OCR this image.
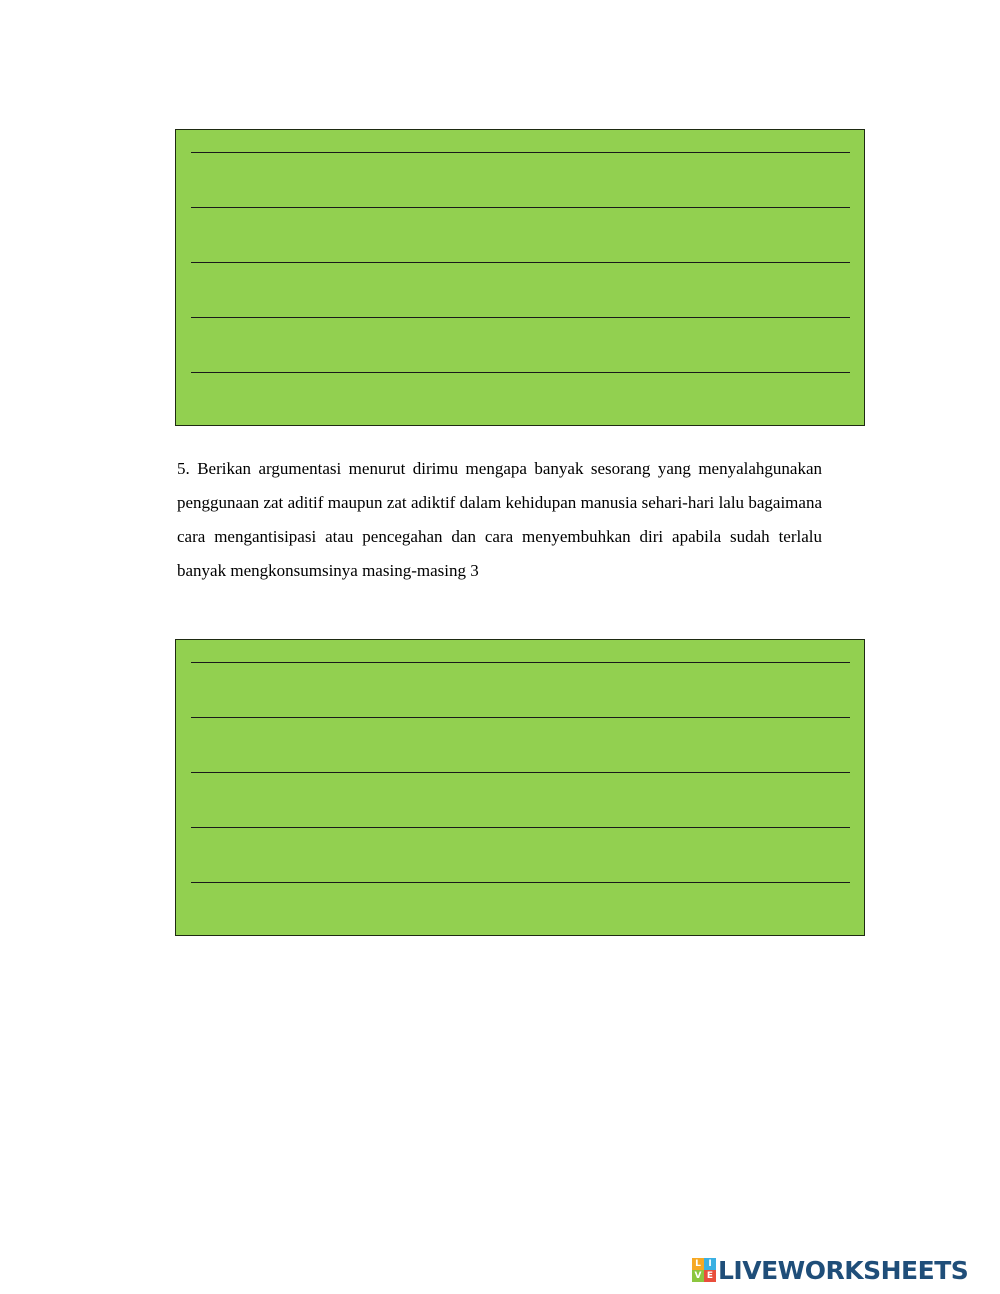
5. Berikan argumentasi menurut dirimu mengapa banyak sesorang yang menyalahgunakan penggunaan zat aditif maupun zat adiktif dalam kehidupan manusia sehari-hari lalu bagaimana cara mengantisipasi atau pencegahan dan cara menyembuhkan diri apabila sudah terlalu banyak mengkonsumsinya masing-masing 3

L I
V E LIVEWORKSHEETS
